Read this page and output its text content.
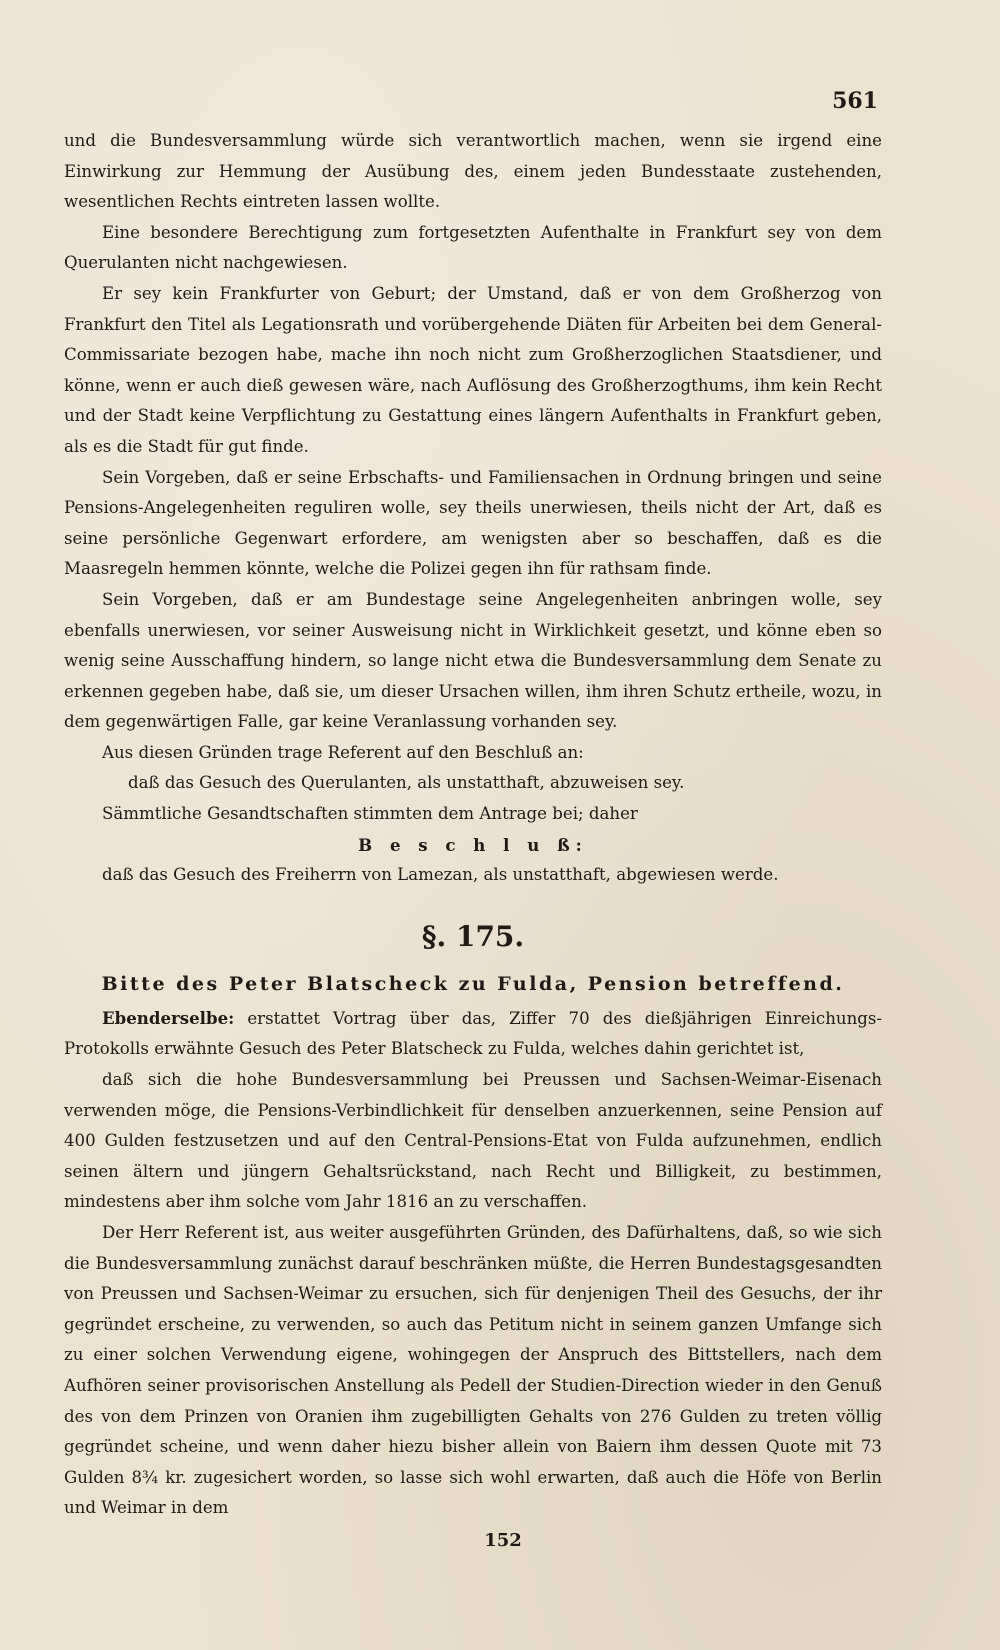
561

und die Bundesversammlung würde sich verantwortlich machen, wenn sie irgend eine Einwirkung zur Hemmung der Ausübung des, einem jeden Bundesstaate zustehenden, wesentlichen Rechts eintreten lassen wollte.

Eine besondere Berechtigung zum fortgesetzten Aufenthalte in Frankfurt sey von dem Querulanten nicht nachgewiesen.

Er sey kein Frankfurter von Geburt; der Umstand, daß er von dem Großherzog von Frankfurt den Titel als Legationsrath und vorübergehende Diäten für Arbeiten bei dem General-Commissariate bezogen habe, mache ihn noch nicht zum Großherzoglichen Staatsdiener, und könne, wenn er auch dieß gewesen wäre, nach Auflösung des Großherzogthums, ihm kein Recht und der Stadt keine Verpflichtung zu Gestattung eines längern Aufenthalts in Frankfurt geben, als es die Stadt für gut finde.

Sein Vorgeben, daß er seine Erbschafts- und Familiensachen in Ordnung bringen und seine Pensions-Angelegenheiten reguliren wolle, sey theils unerwiesen, theils nicht der Art, daß es seine persönliche Gegenwart erfordere, am wenigsten aber so beschaffen, daß es die Maasregeln hemmen könnte, welche die Polizei gegen ihn für rathsam finde.

Sein Vorgeben, daß er am Bundestage seine Angelegenheiten anbringen wolle, sey ebenfalls unerwiesen, vor seiner Ausweisung nicht in Wirklichkeit gesetzt, und könne eben so wenig seine Ausschaffung hindern, so lange nicht etwa die Bundesversammlung dem Senate zu erkennen gegeben habe, daß sie, um dieser Ursachen willen, ihm ihren Schutz ertheile, wozu, in dem gegenwärtigen Falle, gar keine Veranlassung vorhanden sey.

Aus diesen Gründen trage Referent auf den Beschluß an:

daß das Gesuch des Querulanten, als unstatthaft, abzuweisen sey.

Sämmtliche Gesandtschaften stimmten dem Antrage bei; daher

B e s c h l u ß:

daß das Gesuch des Freiherrn von Lamezan, als unstatthaft, abgewiesen werde.

§. 175.
Bitte des Peter Blatscheck zu Fulda, Pension betreffend.

Ebenderselbe: erstattet Vortrag über das, Ziffer 70 des dießjährigen Einreichungs-Protokolls erwähnte Gesuch des Peter Blatscheck zu Fulda, welches dahin gerichtet ist,

daß sich die hohe Bundesversammlung bei Preussen und Sachsen-Weimar-Eisenach verwenden möge, die Pensions-Verbindlichkeit für denselben anzuerkennen, seine Pension auf 400 Gulden festzusetzen und auf den Central-Pensions-Etat von Fulda aufzunehmen, endlich seinen ältern und jüngern Gehaltsrückstand, nach Recht und Billigkeit, zu bestimmen, mindestens aber ihm solche vom Jahr 1816 an zu verschaffen.

Der Herr Referent ist, aus weiter ausgeführten Gründen, des Dafürhaltens, daß, so wie sich die Bundesversammlung zunächst darauf beschränken müßte, die Herren Bundestagsgesandten von Preussen und Sachsen-Weimar zu ersuchen, sich für denjenigen Theil des Gesuchs, der ihr gegründet erscheine, zu verwenden, so auch das Petitum nicht in seinem ganzen Umfange sich zu einer solchen Verwendung eigene, wohingegen der Anspruch des Bittstellers, nach dem Aufhören seiner provisorischen Anstellung als Pedell der Studien-Direction wieder in den Genuß des von dem Prinzen von Oranien ihm zugebilligten Gehalts von 276 Gulden zu treten völlig gegründet scheine, und wenn daher hiezu bisher allein von Baiern ihm dessen Quote mit 73 Gulden 8¾ kr. zugesichert worden, so lasse sich wohl erwarten, daß auch die Höfe von Berlin und Weimar in dem

152
